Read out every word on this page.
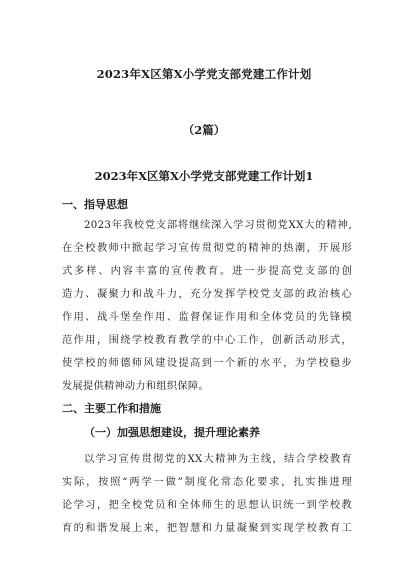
2023年X区第X小学党支部党建工作计划
（2篇）
2023年X区第X小学党支部党建工作计划1
一、指导思想
2023年我校党支部将继续深入学习贯彻党XX大的精神,
在全校教师中掀起学习宣传贯彻党的精神的热潮，开展形
式多样、内容丰富的宣传教育。进一步提高党支部的创
造力、凝聚力和战斗力，充分发挥学校党支部的政治核心
作用、战斗堡垒作用、监督保证作用和全体党员的先锋模
范作用，围绕学校教育教学的中心工作，创新活动形式，
使学校的师德师风建设提高到一个新的水平，为学校稳步
发展提供精神动力和组织保障。
二、主要工作和措施
（一）加强思想建设，提升理论素养
以学习宣传贯彻党的XX大精神为主线，结合学校教育
实际，按照“两学一做”制度化常态化要求，扎实推进理
论学习，把全校党员和全体师生的思想认识统一到学校教
育的和谐发展上来，把智慧和力量凝聚到实现学校教育工
